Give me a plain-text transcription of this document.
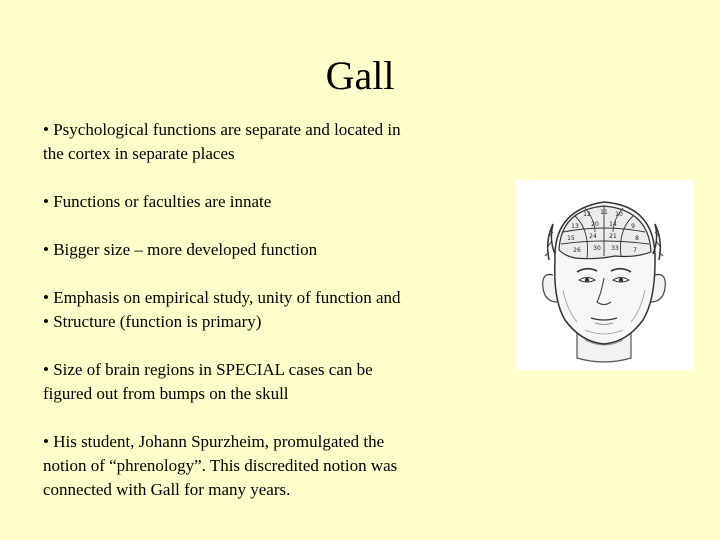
Gall
• Psychological functions are separate and located in
the cortex in separate places
• Functions or faculties are innate
• Bigger size – more developed function
• Emphasis on empirical study, unity of function and
• Structure (function is primary)
• Size of brain regions in SPECIAL cases can be
figured out from bumps on the skull
• His student, Johann Spurzheim, promulgated the
notion of “phrenology”. This discredited notion was
connected with Gall for many years.
12 11 10
13 20 14 9
15 24 21	8
26 30 33 7
